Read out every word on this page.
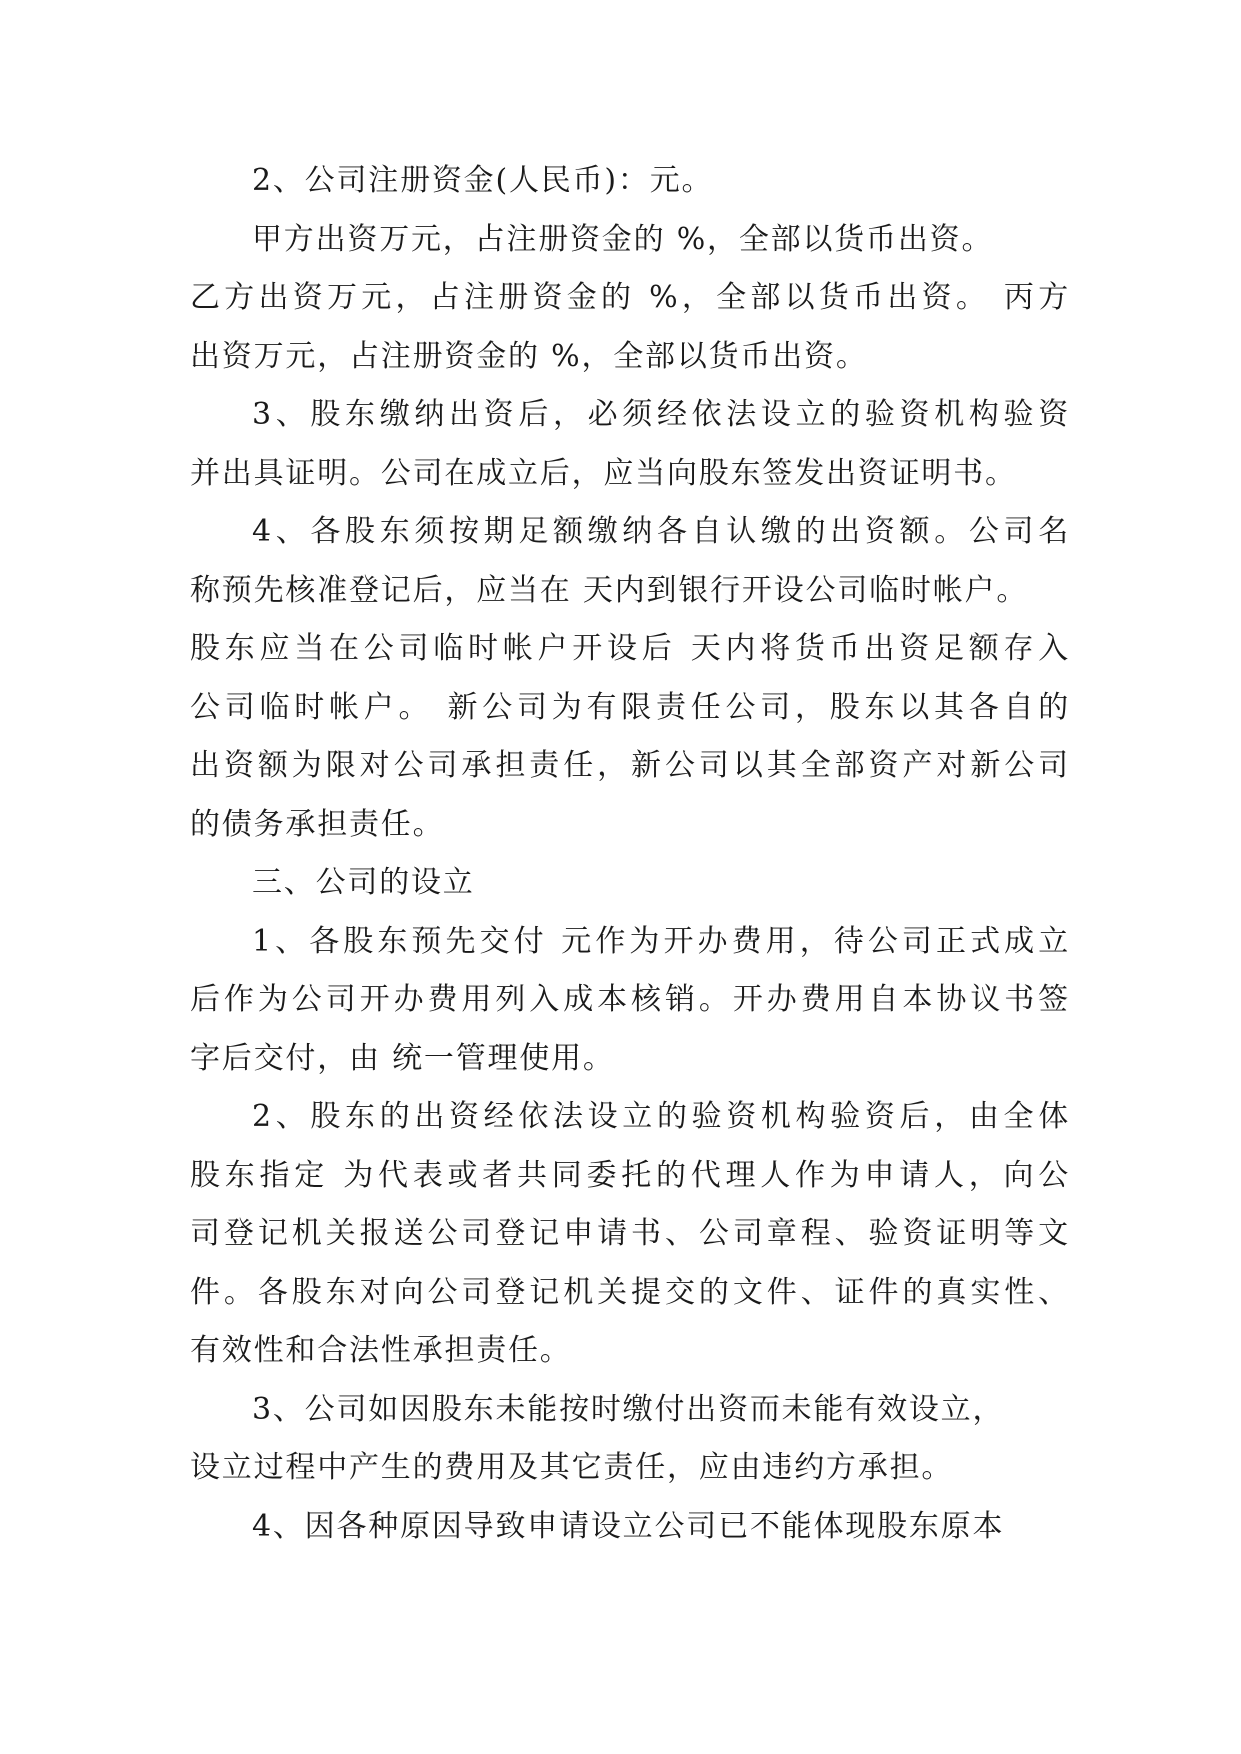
2、公司注册资金(人民币)：元。

甲方出资万元，占注册资金的 %，全部以货币出资。
乙方出资万元，占注册资金的 %，全部以货币出资。 丙方
出资万元，占注册资金的 %，全部以货币出资。

3、股东缴纳出资后，必须经依法设立的验资机构验资
并出具证明。公司在成立后，应当向股东签发出资证明书。

4、各股东须按期足额缴纳各自认缴的出资额。公司名
称预先核准登记后，应当在 天内到银行开设公司临时帐户。
股东应当在公司临时帐户开设后 天内将货币出资足额存入
公司临时帐户。 新公司为有限责任公司，股东以其各自的
出资额为限对公司承担责任，新公司以其全部资产对新公司
的债务承担责任。

三、公司的设立

1、各股东预先交付 元作为开办费用，待公司正式成立
后作为公司开办费用列入成本核销。开办费用自本协议书签
字后交付，由 统一管理使用。

2、股东的出资经依法设立的验资机构验资后，由全体
股东指定 为代表或者共同委托的代理人作为申请人，向公
司登记机关报送公司登记申请书、公司章程、验资证明等文
件。各股东对向公司登记机关提交的文件、证件的真实性、
有效性和合法性承担责任。

3、公司如因股东未能按时缴付出资而未能有效设立，
设立过程中产生的费用及其它责任，应由违约方承担。

4、因各种原因导致申请设立公司已不能体现股东原本
